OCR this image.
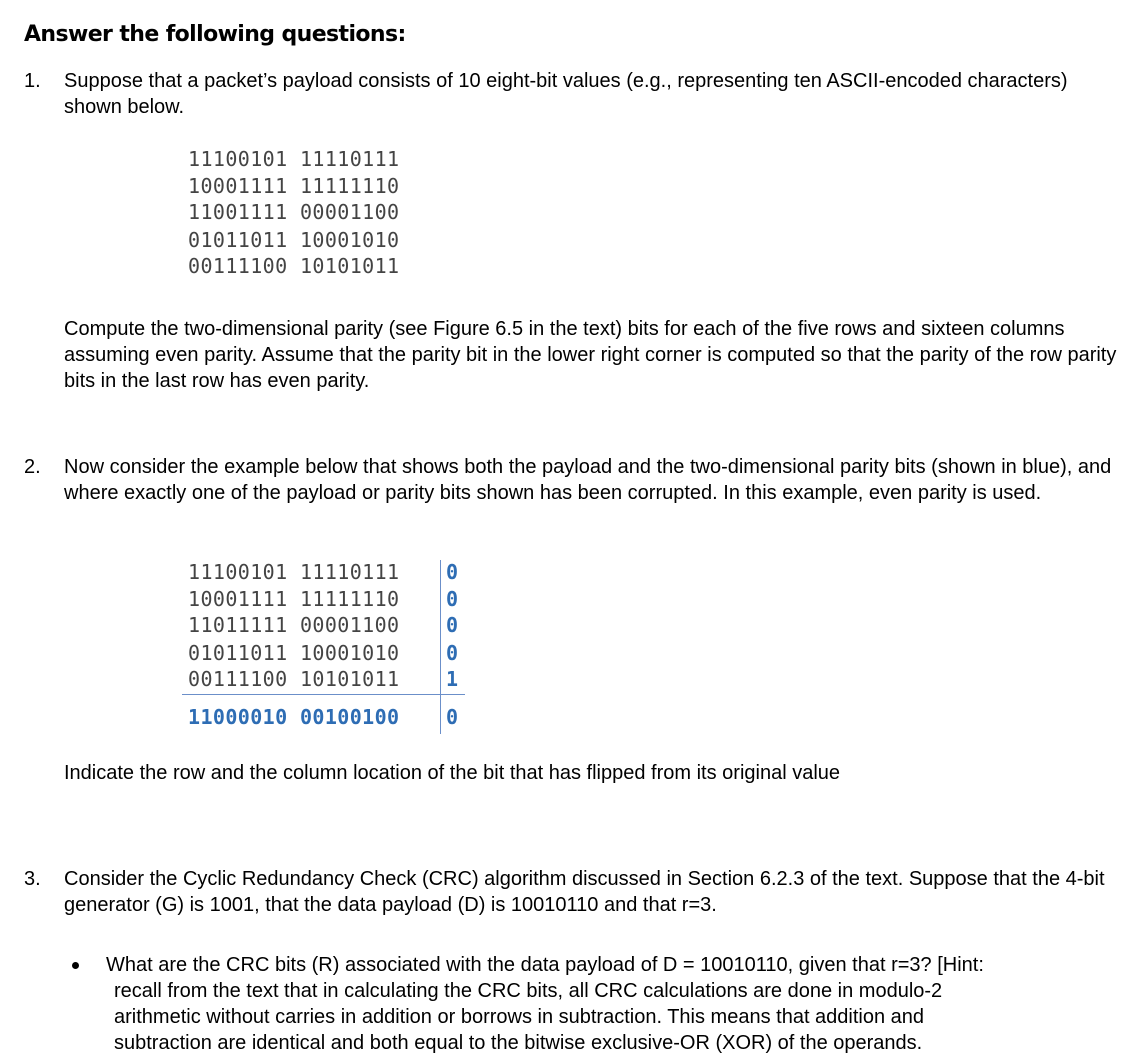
Answer the following questions:
1. Suppose that a packet’s payload consists of 10 eight-bit values (e.g., representing ten ASCII-encoded characters) shown below.
11100101 11110111
10001111 11111110
11001111 00001100
01011011 10001010
00111100 10101011
Compute the two-dimensional parity (see Figure 6.5 in the text) bits for each of the five rows and sixteen columns assuming even parity. Assume that the parity bit in the lower right corner is computed so that the parity of the row parity bits in the last row has even parity.
2. Now consider the example below that shows both the payload and the two-dimensional parity bits (shown in blue), and where exactly one of the payload or parity bits shown has been corrupted. In this example, even parity is used.
11100101 11110111
10001111 11111110
11011111 00001100
01011011 10001010
00111100 10101011
0
0
0
0
1
11000010 00100100 0
Indicate the row and the column location of the bit that has flipped from its original value
3. Consider the Cyclic Redundancy Check (CRC) algorithm discussed in Section 6.2.3 of the text. Suppose that the 4-bit generator (G) is 1001, that the data payload (D) is 10010110 and that r=3.
What are the CRC bits (R) associated with the data payload of D = 10010110, given that r=3? [Hint:
recall from the text that in calculating the CRC bits, all CRC calculations are done in modulo-2
arithmetic without carries in addition or borrows in subtraction. This means that addition and
subtraction are identical and both equal to the bitwise exclusive-OR (XOR) of the operands.
